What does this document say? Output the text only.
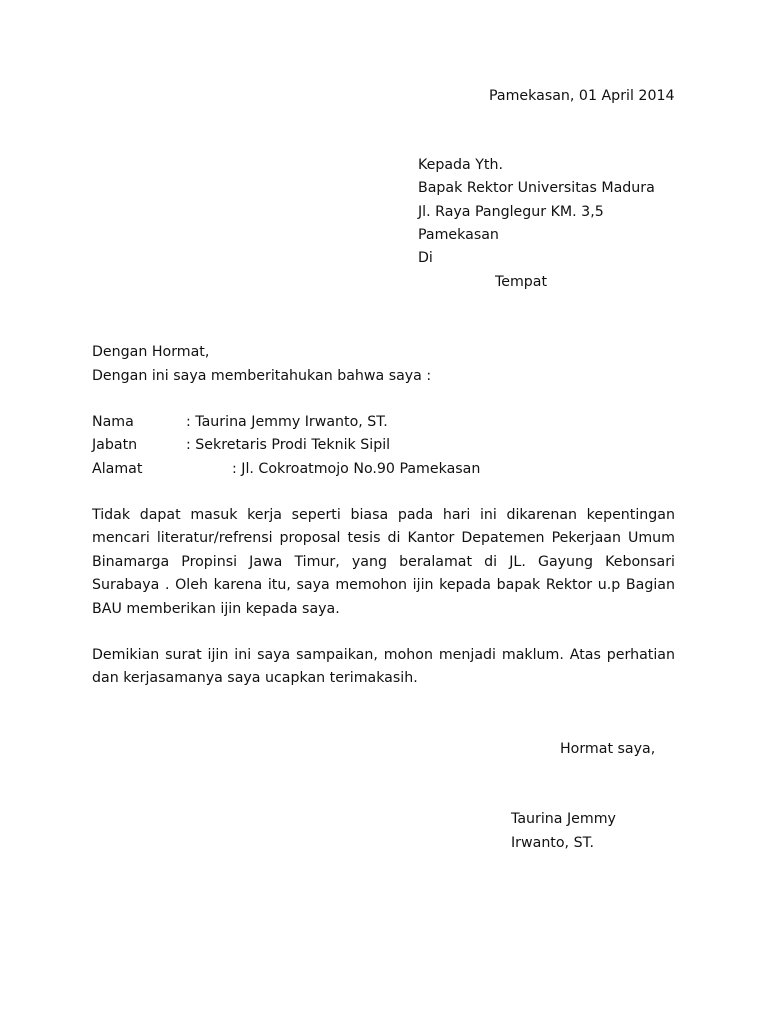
Pamekasan, 01 April 2014
Kepada Yth.
Bapak Rektor Universitas Madura
Jl. Raya Panglegur KM. 3,5
Pamekasan
Di
Tempat
Dengan Hormat,
Dengan ini saya memberitahukan bahwa saya :
Nama	: Taurina Jemmy Irwanto, ST.
Jabatn	: Sekretaris Prodi Teknik Sipil
Alamat	: Jl. Cokroatmojo No.90 Pamekasan
Tidak dapat masuk kerja seperti biasa pada hari ini dikarenan kepentingan mencari literatur/refrensi proposal tesis di Kantor Depatemen Pekerjaan Umum Binamarga Propinsi Jawa Timur, yang beralamat di JL. Gayung Kebonsari Surabaya . Oleh karena itu, saya memohon ijin kepada bapak Rektor u.p Bagian BAU memberikan ijin kepada saya.
Demikian surat ijin ini saya sampaikan, mohon menjadi maklum. Atas perhatian dan kerjasamanya saya ucapkan terimakasih.
Hormat saya,
Taurina Jemmy
Irwanto, ST.
